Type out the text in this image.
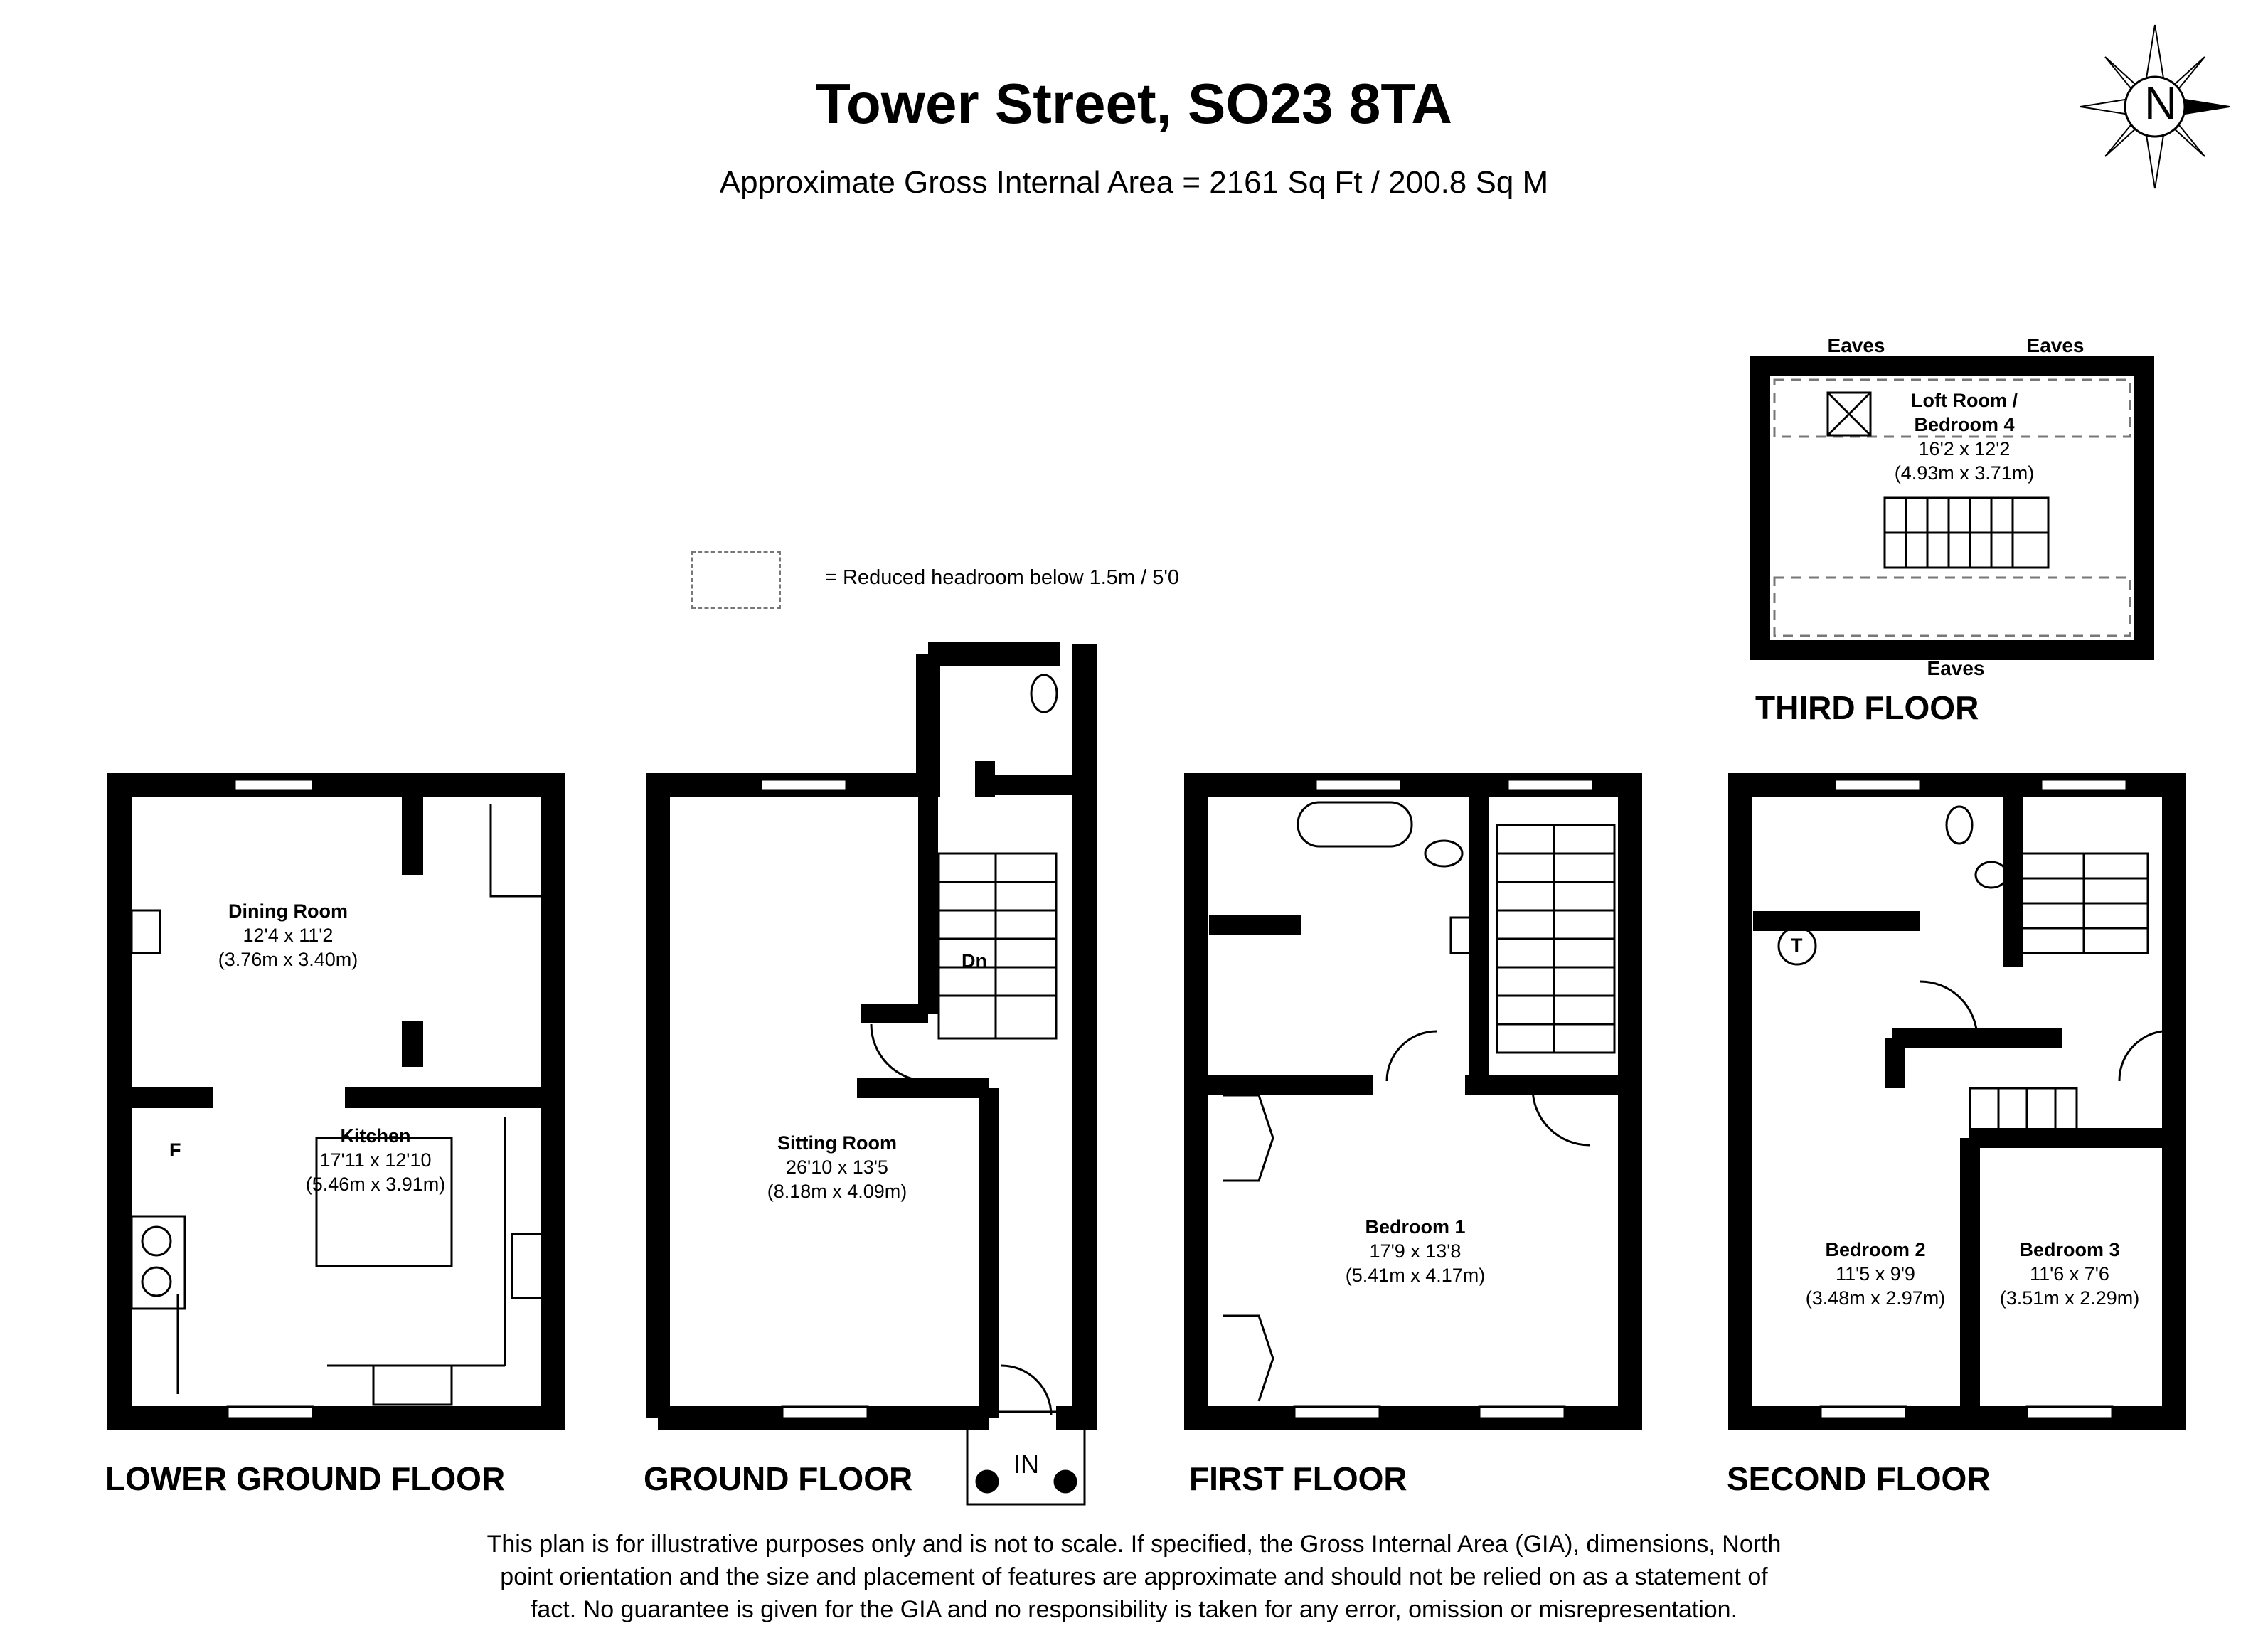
Tower Street, SO23 8TA
Approximate Gross Internal Area = 2161 Sq Ft / 200.8 Sq M
N
= Reduced headroom below 1.5m / 5'0
Dining Room
12'4 x 11'2
(3.76m x 3.40m)
Kitchen
17'11 x 12'10
(5.46m x 3.91m)
F
LOWER GROUND FLOOR
Sitting Room
26'10 x 13'5
(8.18m x 4.09m)
Dn
IN
GROUND FLOOR
Bedroom 1
17'9 x 13'8
(5.41m x 4.17m)
FIRST FLOOR
Bedroom 2
11'5 x 9'9
(3.48m x 2.97m)
Bedroom 3
11'6 x 7'6
(3.51m x 2.29m)
T
SECOND FLOOR
Loft Room /
Bedroom 4
16'2 x 12'2
(4.93m x 3.71m)
Eaves	Eaves
Eaves
THIRD FLOOR

This plan is for illustrative purposes only and is not to scale. If specified, the Gross Internal Area (GIA), dimensions, North

point orientation and the size and placement of features are approximate and should not be relied on as a statement of

fact. No guarantee is given for the GIA and no responsibility is taken for any error, omission or misrepresentation.
